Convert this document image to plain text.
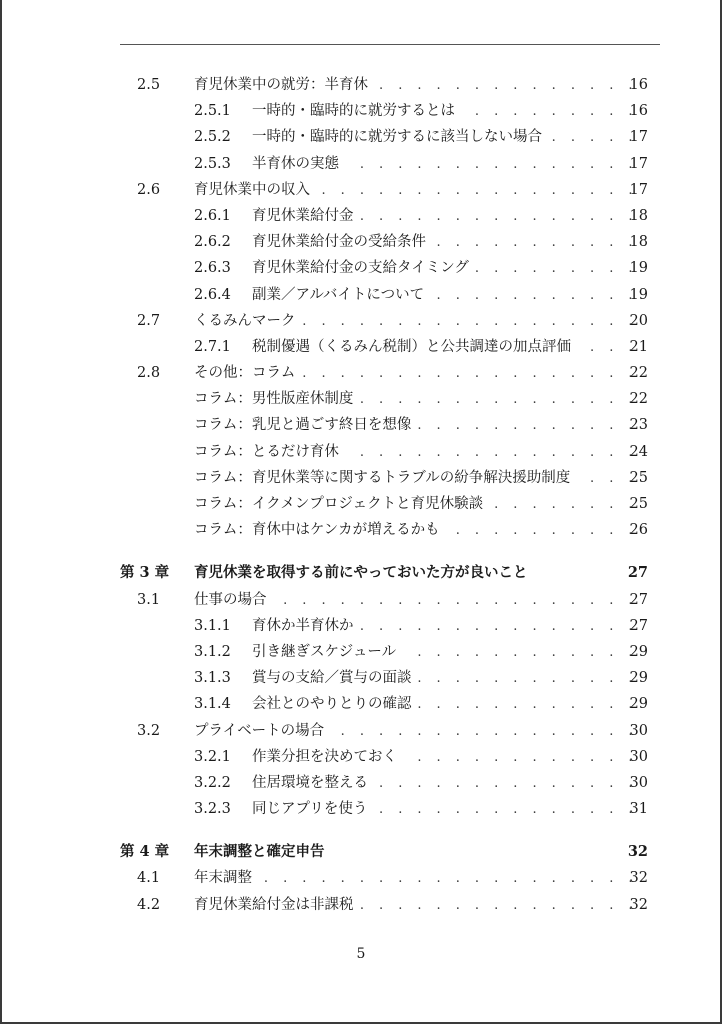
2.5 育児休業中の就労：半育休 . . .	16
2.5.1 一時的・臨時的に就労するとは . . .	16
2.5.2 一時的・臨時的に就労するに該当しない場合 . . .	17
2.5.3 半育休の実態 . . .	17
2.6 育児休業中の収入 . . .	17
2.6.1 育児休業給付金 . . .	18
2.6.2 育児休業給付金の受給条件 . . .	18
2.6.3 育児休業給付金の支給タイミング . . .	19
2.6.4 副業／アルバイトについて . . .	19
2.7 くるみんマーク . . .	20
2.7.1 税制優遇（くるみん税制）と公共調達の加点評価 . . .	21
2.8 その他：コラム . . .	22
コラム：男性版産休制度 . . .	22
コラム：乳児と過ごす終日を想像 . . .	23
コラム：とるだけ育休 . . .	24
コラム：育児休業等に関するトラブルの紛争解決援助制度 . . .	25
コラム：イクメンプロジェクトと育児休験談 . . .	25
コラム：育休中はケンカが増えるかも . . .	26
第 3 章 育児休業を取得する前にやっておいた方が良いこと	27
3.1 仕事の場合 . . .	27
3.1.1 育休か半育休か . . .	27
3.1.2 引き継ぎスケジュール . . .	29
3.1.3 賞与の支給／賞与の面談 . . .	29
3.1.4 会社とのやりとりの確認 . . .	29
3.2 プライベートの場合 . . .	30
3.2.1 作業分担を決めておく . . .	30
3.2.2 住居環境を整える . . .	30
3.2.3 同じアプリを使う . . .	31
第 4 章 年末調整と確定申告	32
4.1 年末調整 . . .	32
4.2 育児休業給付金は非課税 . . .	32
5
